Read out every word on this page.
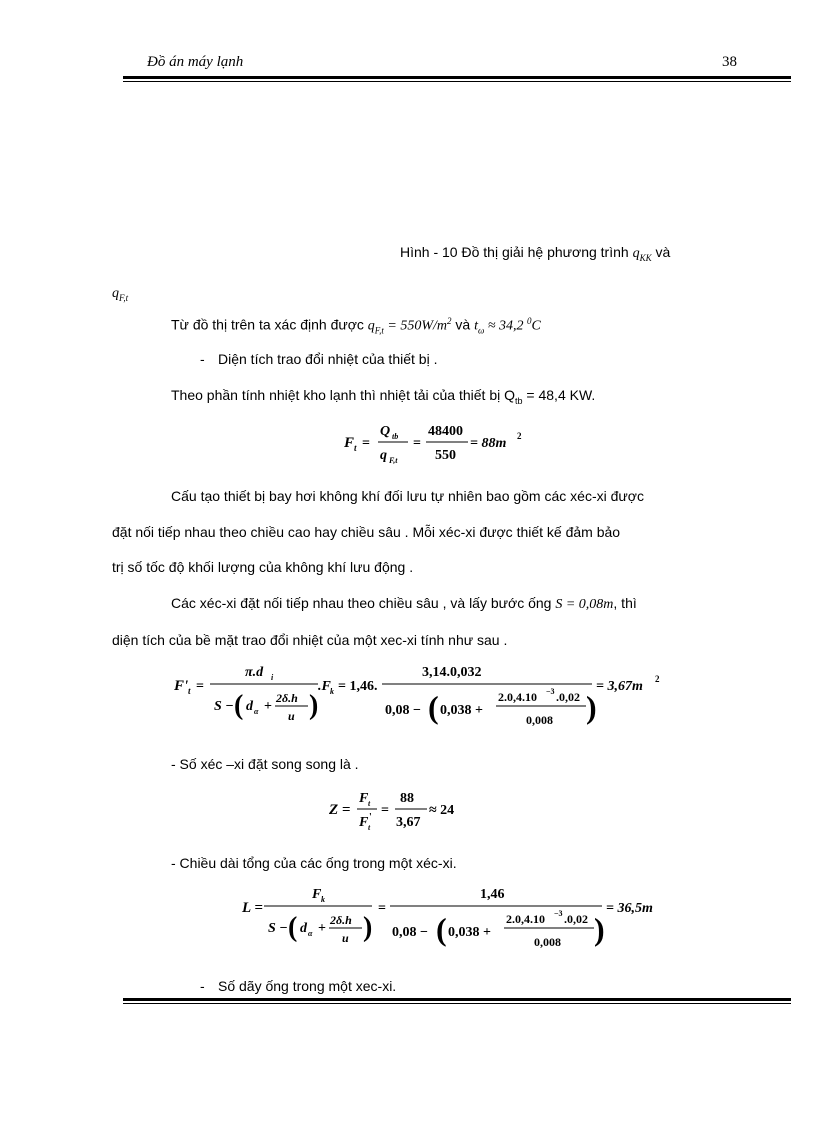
Đồ án máy lạnh	38
Hình - 10 Đồ thị giải hệ phương trình $q_{KK}$ và
$q_{F,t}$
Từ đồ thị trên ta xác định được $q_{F,t} = 550W/m^2$ và $t_\omega \approx 34,2$ $^0$C
- Diện tích trao đổi nhiệt của thiết bị .
Theo phần tính nhiệt kho lạnh thì nhiệt tải của thiết bị $Q_{tb} = 48,4$ KW.
F t =
Q tb
q F,t
=
48400
550
= 88m 2
Cấu tạo thiết bị bay hơi không khí đối lưu tự nhiên bao gồm các xéc-xi được
đặt nối tiếp nhau theo chiều cao hay chiều sâu . Mỗi xéc-xi được thiết kế đảm bảo
trị số tốc độ khối lượng của không khí lưu động .
Các xéc-xi đặt nối tiếp nhau theo chiều sâu , và lấy bước ống S = 0,08m, thì
diện tích của bề mặt trao đổi nhiệt của một xec-xi tính như sau .
F' t =
π.d i
S − ( d α +
2δ.h
u )
.F k = 1,46.
3,14.0,032
0,08 − ( 0,038 +
2.0,4.10 −3 .0,02
0,008 )
= 3,67m 2
- Số xéc –xi đặt song song là .
Z =
F t
F t
' =
88
3,67
≈ 24
- Chiều dài tổng của các ống trong một xéc-xi.
L =
F k
S − ( d α +
2δ.h
u )
=
1,46
0,08 − ( 0,038 +
2.0,4.10 −3 .0,02
0,008 )
= 36,5m
- Số dãy ống trong một xec-xi.
